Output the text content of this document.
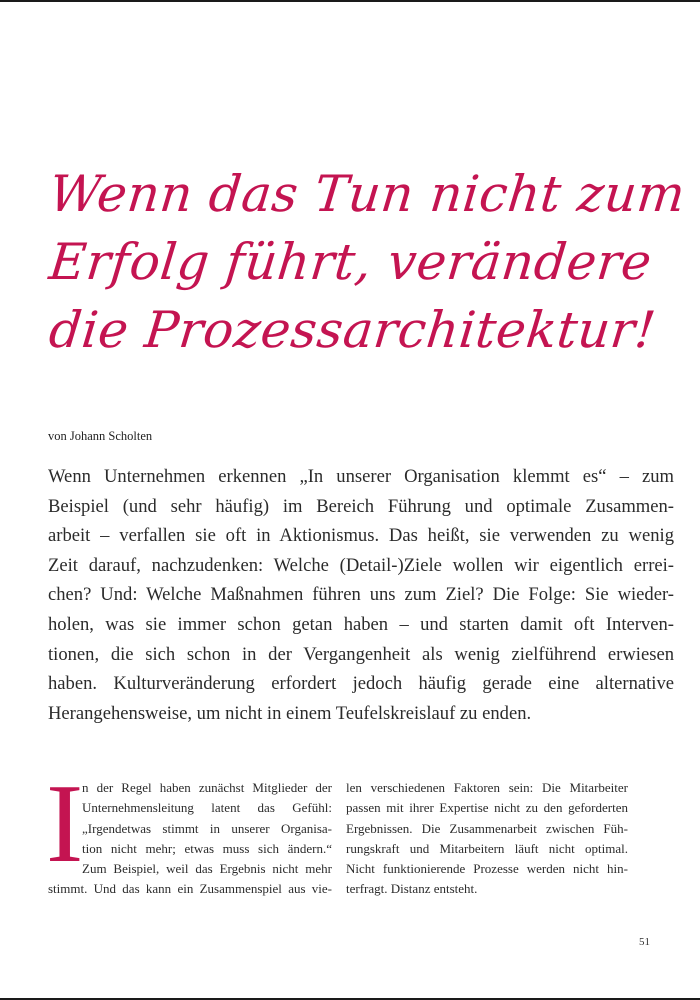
Wenn das Tun nicht zum
Erfolg führt, verändere
die Prozessarchitektur!

von Johann Scholten

Wenn Unternehmen erkennen „In unserer Organisation klemmt es“ – zum
Beispiel (und sehr häufig) im Bereich Führung und optimale Zusammen-
arbeit – verfallen sie oft in Aktionismus. Das heißt, sie verwenden zu wenig
Zeit darauf, nachzudenken: Welche (Detail-)Ziele wollen wir eigentlich errei-
chen? Und: Welche Maßnahmen führen uns zum Ziel? Die Folge: Sie wieder-
holen, was sie immer schon getan haben – und starten damit oft Interven-
tionen, die sich schon in der Vergangenheit als wenig zielführend erwiesen
haben. Kulturveränderung erfordert jedoch häufig gerade eine alternative
Herangehensweise, um nicht in einem Teufelskreislauf zu enden.
I
n der Regel haben zunächst Mitglieder der
Unternehmensleitung latent das Gefühl:
„Irgendetwas stimmt in unserer Organisa-
tion nicht mehr; etwas muss sich ändern.“
Zum Beispiel, weil das Ergebnis nicht mehr
stimmt. Und das kann ein Zusammenspiel aus vie-
len verschiedenen Faktoren sein: Die Mitarbeiter
passen mit ihrer Expertise nicht zu den geforderten
Ergebnissen. Die Zusammenarbeit zwischen Füh-
rungskraft und Mitarbeitern läuft nicht optimal.
Nicht funktionierende Prozesse werden nicht hin-
terfragt. Distanz entsteht.
51
